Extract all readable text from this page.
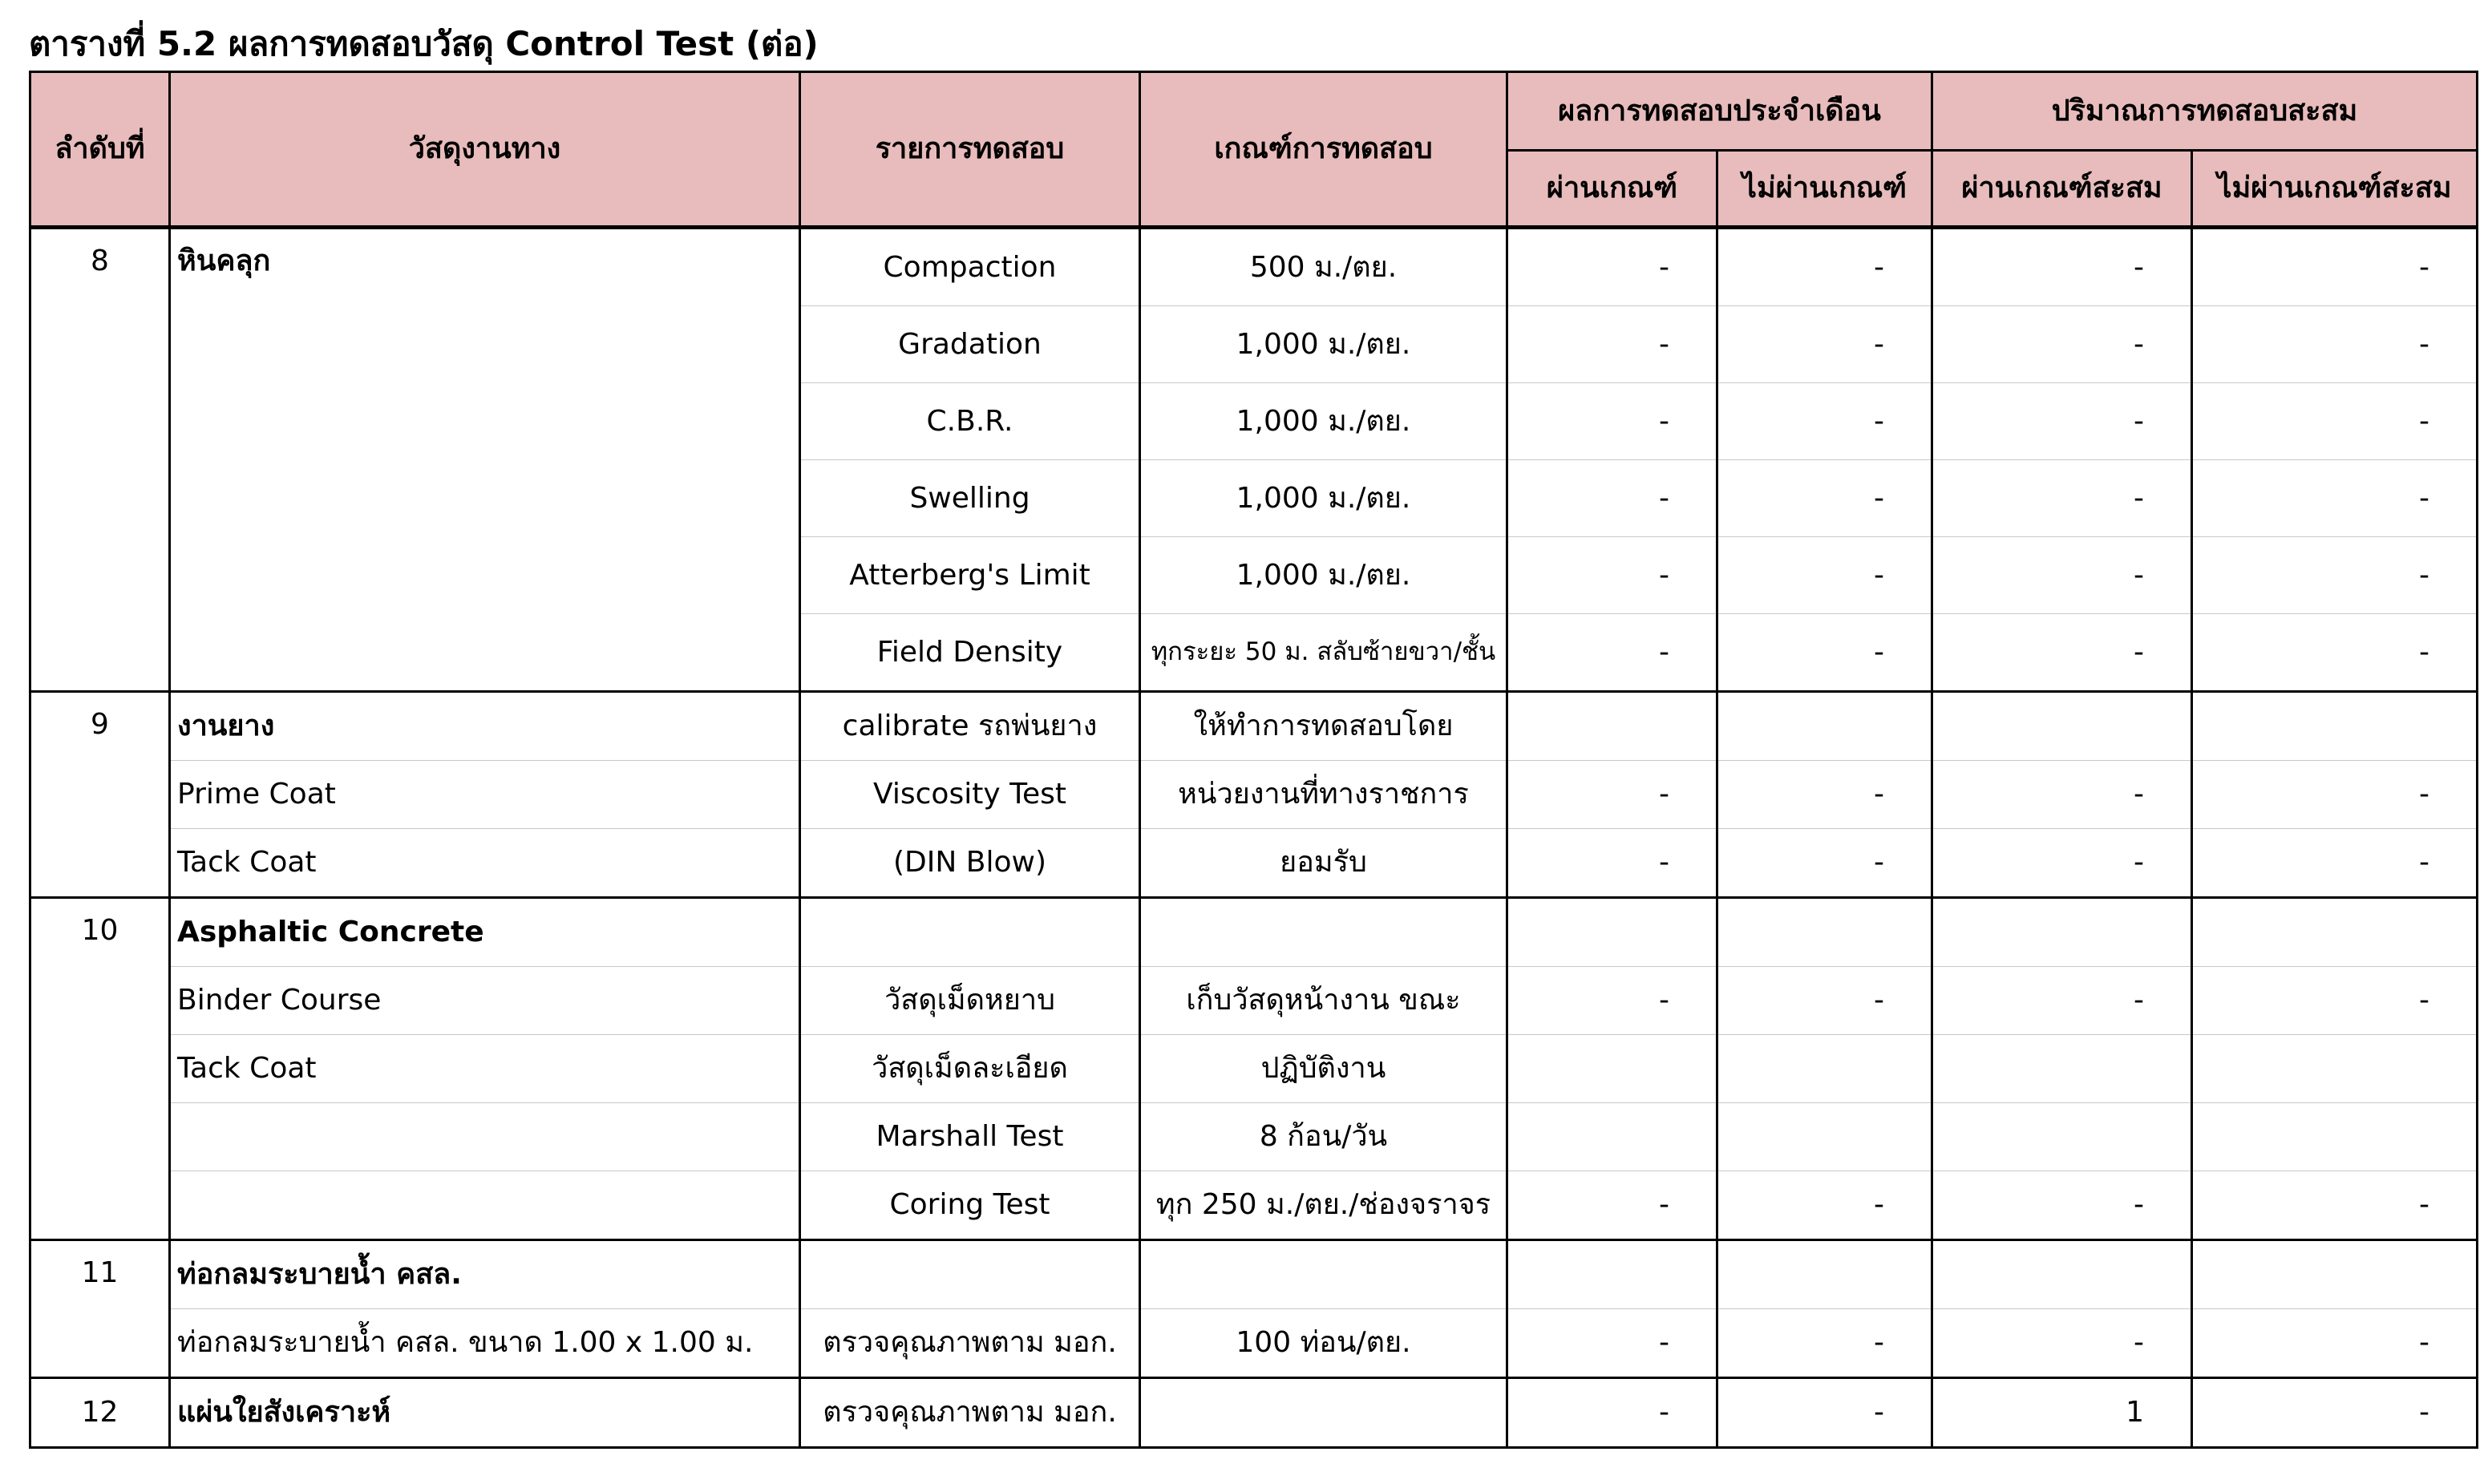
ตารางที่ 5.2 ผลการทดสอบวัสดุ Control Test (ต่อ)
ลำดับที่	วัสดุงานทาง	รายการทดสอบ	เกณฑ์การทดสอบ	ผลการทดสอบประจำเดือน		ปริมาณการทดสอบสะสม	
				ผ่านเกณฑ์	ไม่ผ่านเกณฑ์	ผ่านเกณฑ์สะสม	ไม่ผ่านเกณฑ์สะสม
8	หินคลุก	Compaction	500 ม./ตย.	-	-	-	-
		Gradation	1,000 ม./ตย.	-	-	-	-
		C.B.R.	1,000 ม./ตย.	-	-	-	-
		Swelling	1,000 ม./ตย.	-	-	-	-
		Atterberg's Limit	1,000 ม./ตย.	-	-	-	-
		Field Density	ทุกระยะ 50 ม. สลับซ้ายขวา/ชั้น	-	-	-	-
9	งานยาง	calibrate รถพ่นยาง	ให้ทำการทดสอบโดย				
	Prime Coat	Viscosity Test	หน่วยงานที่ทางราชการ	-	-	-	-
	Tack Coat	(DIN Blow)	ยอมรับ	-	-	-	-
10	Asphaltic Concrete						
	Binder Course	วัสดุเม็ดหยาบ	เก็บวัสดุหน้างาน ขณะ	-	-	-	-
	Tack Coat	วัสดุเม็ดละเอียด	ปฏิบัติงาน				
		Marshall Test	8 ก้อน/วัน				
		Coring Test	ทุก 250 ม./ตย./ช่องจราจร	-	-	-	-
11	ท่อกลมระบายน้ำ คสล.						
	ท่อกลมระบายน้ำ คสล. ขนาด 1.00 x 1.00 ม.	ตรวจคุณภาพตาม มอก.	100 ท่อน/ตย.	-	-	-	-
12	แผ่นใยสังเคราะห์	ตรวจคุณภาพตาม มอก.		-	-	1	-
